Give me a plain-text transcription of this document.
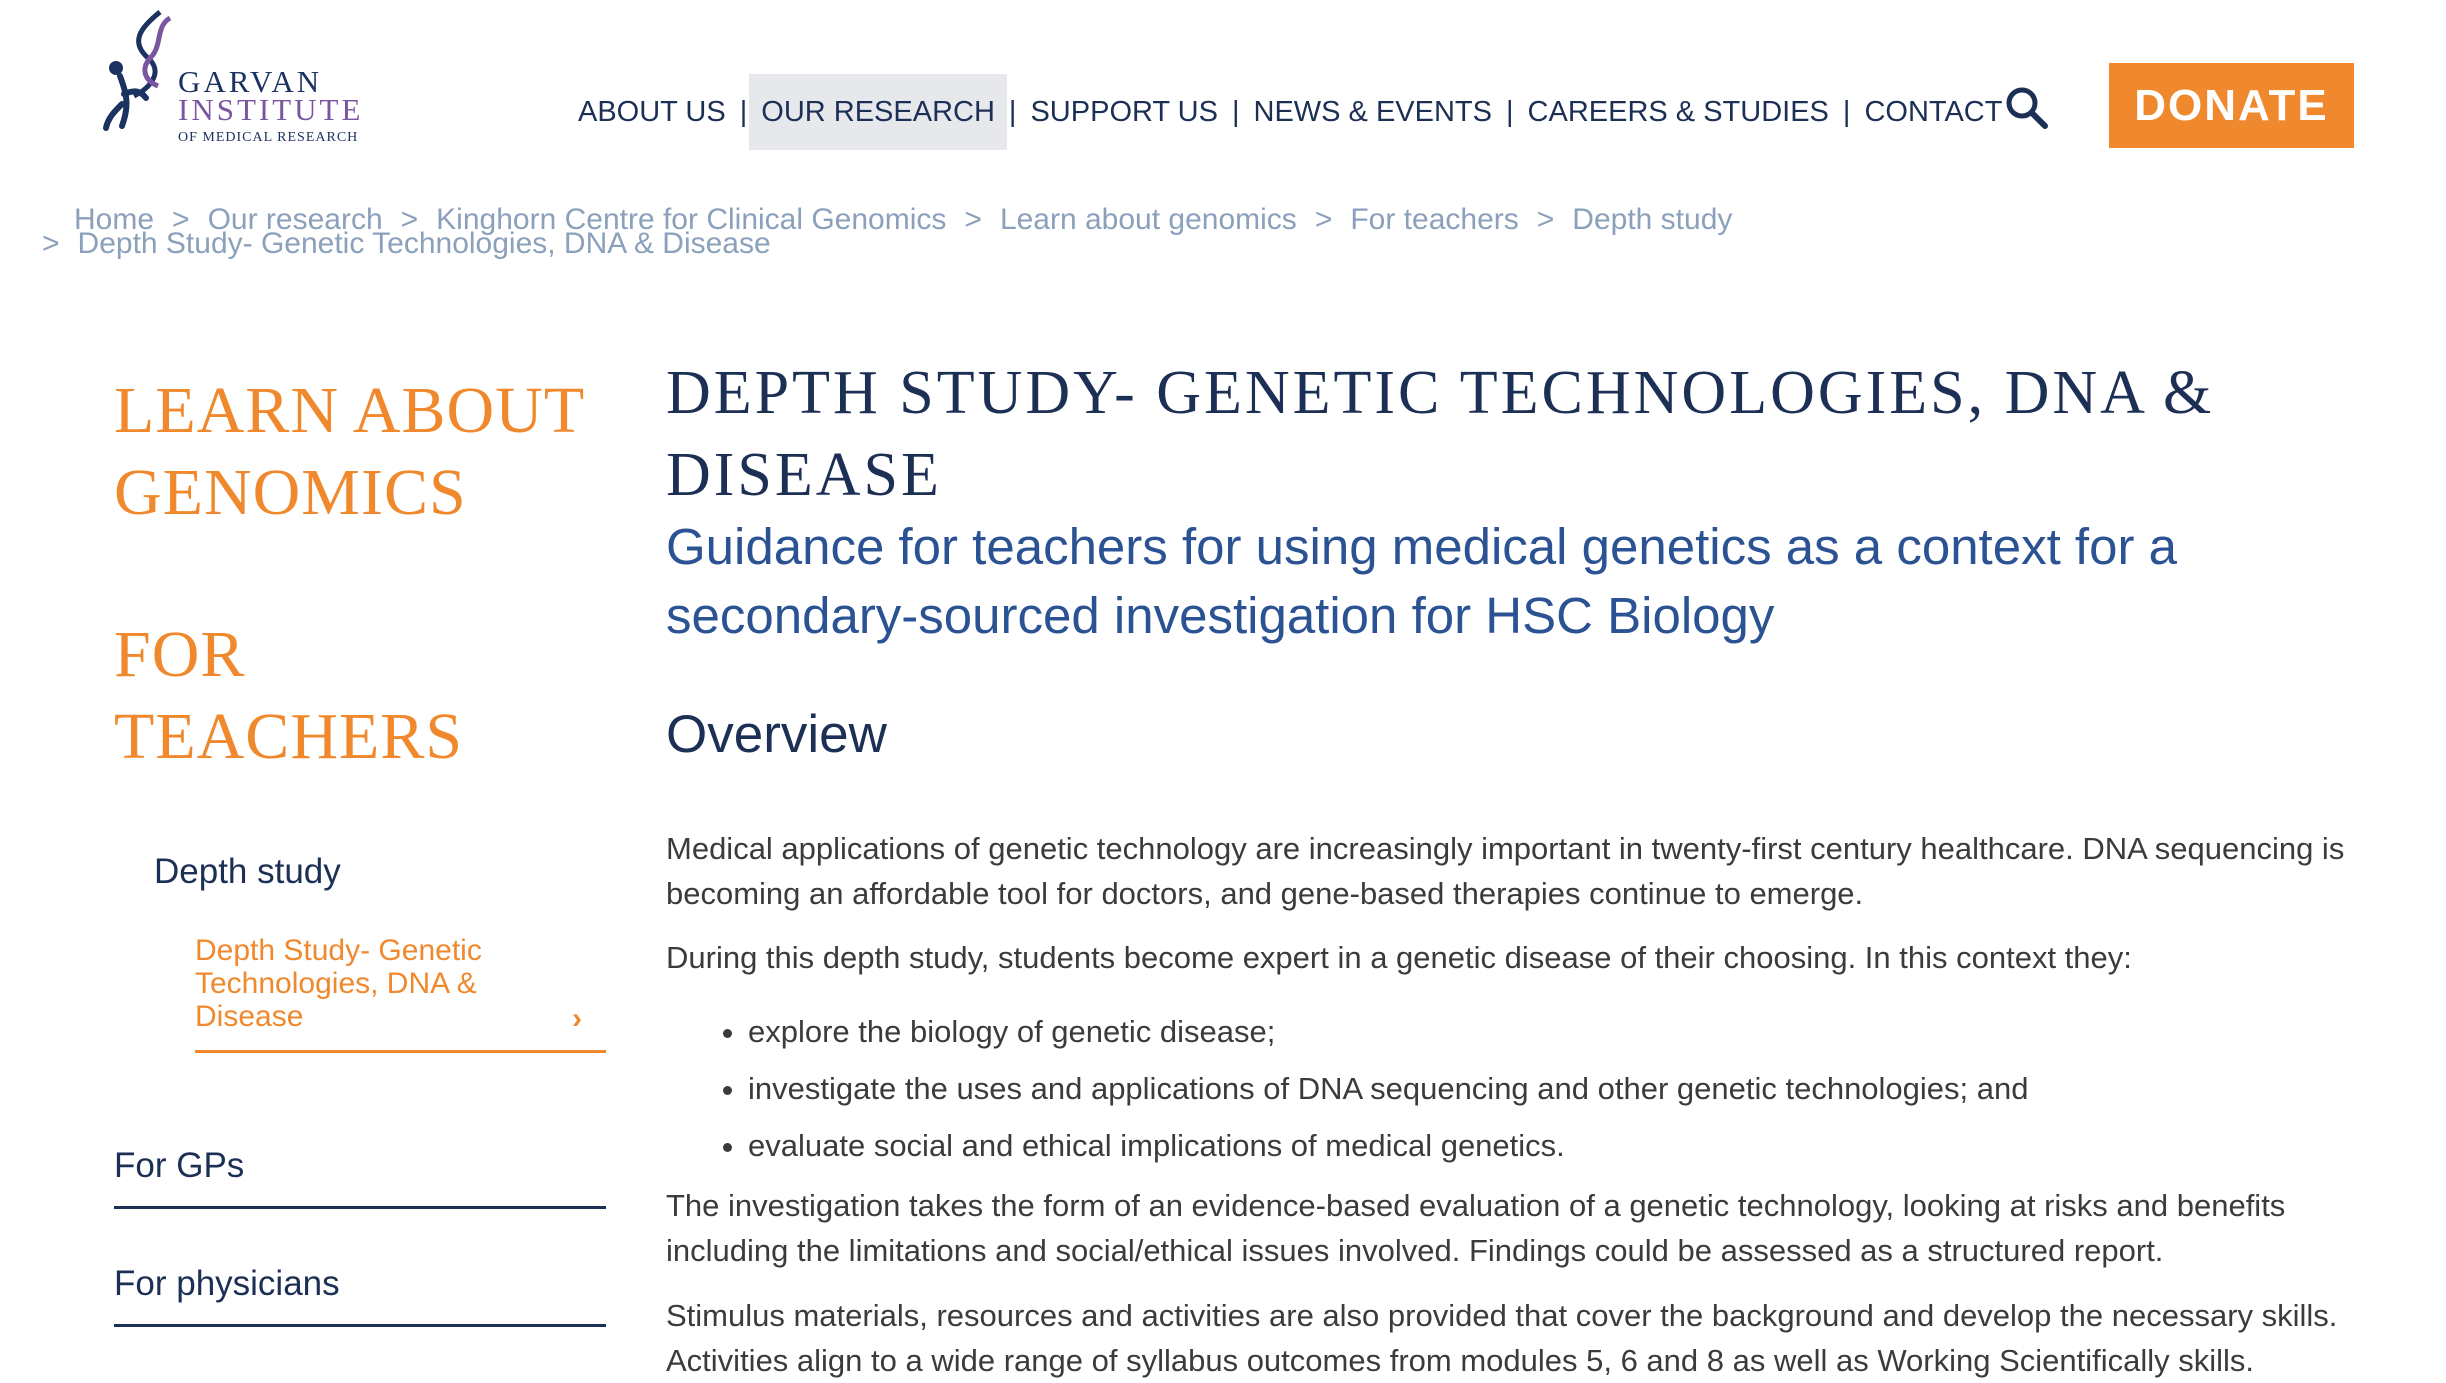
GARVAN
INSTITUTE
OF MEDICAL RESEARCH
ABOUT US | OUR RESEARCH | SUPPORT US | NEWS & EVENTS | CAREERS & STUDIES | CONTACT	DONATE
Home > Our research > Kinghorn Centre for Clinical Genomics > Learn about genomics > For teachers > Depth study
> Depth Study- Genetic Technologies, DNA & Disease
LEARN ABOUT GENOMICS
FOR TEACHERS
Depth study
Depth Study- Genetic Technologies, DNA & Disease	›
For GPs
For physicians
DEPTH STUDY- GENETIC TECHNOLOGIES, DNA & DISEASE
Guidance for teachers for using medical genetics as a context for a secondary-sourced investigation for HSC Biology
Overview

Medical applications of genetic technology are increasingly important in twenty-first century healthcare. DNA sequencing is becoming an affordable tool for doctors, and gene-based therapies continue to emerge.

During this depth study, students become expert in a genetic disease of their choosing. In this context they:

• explore the biology of genetic disease;
• investigate the uses and applications of DNA sequencing and other genetic technologies; and
• evaluate social and ethical implications of medical genetics.

The investigation takes the form of an evidence-based evaluation of a genetic technology, looking at risks and benefits including the limitations and social/ethical issues involved. Findings could be assessed as a structured report.

Stimulus materials, resources and activities are also provided that cover the background and develop the necessary skills. Activities align to a wide range of syllabus outcomes from modules 5, 6 and 8 as well as Working Scientifically skills.
